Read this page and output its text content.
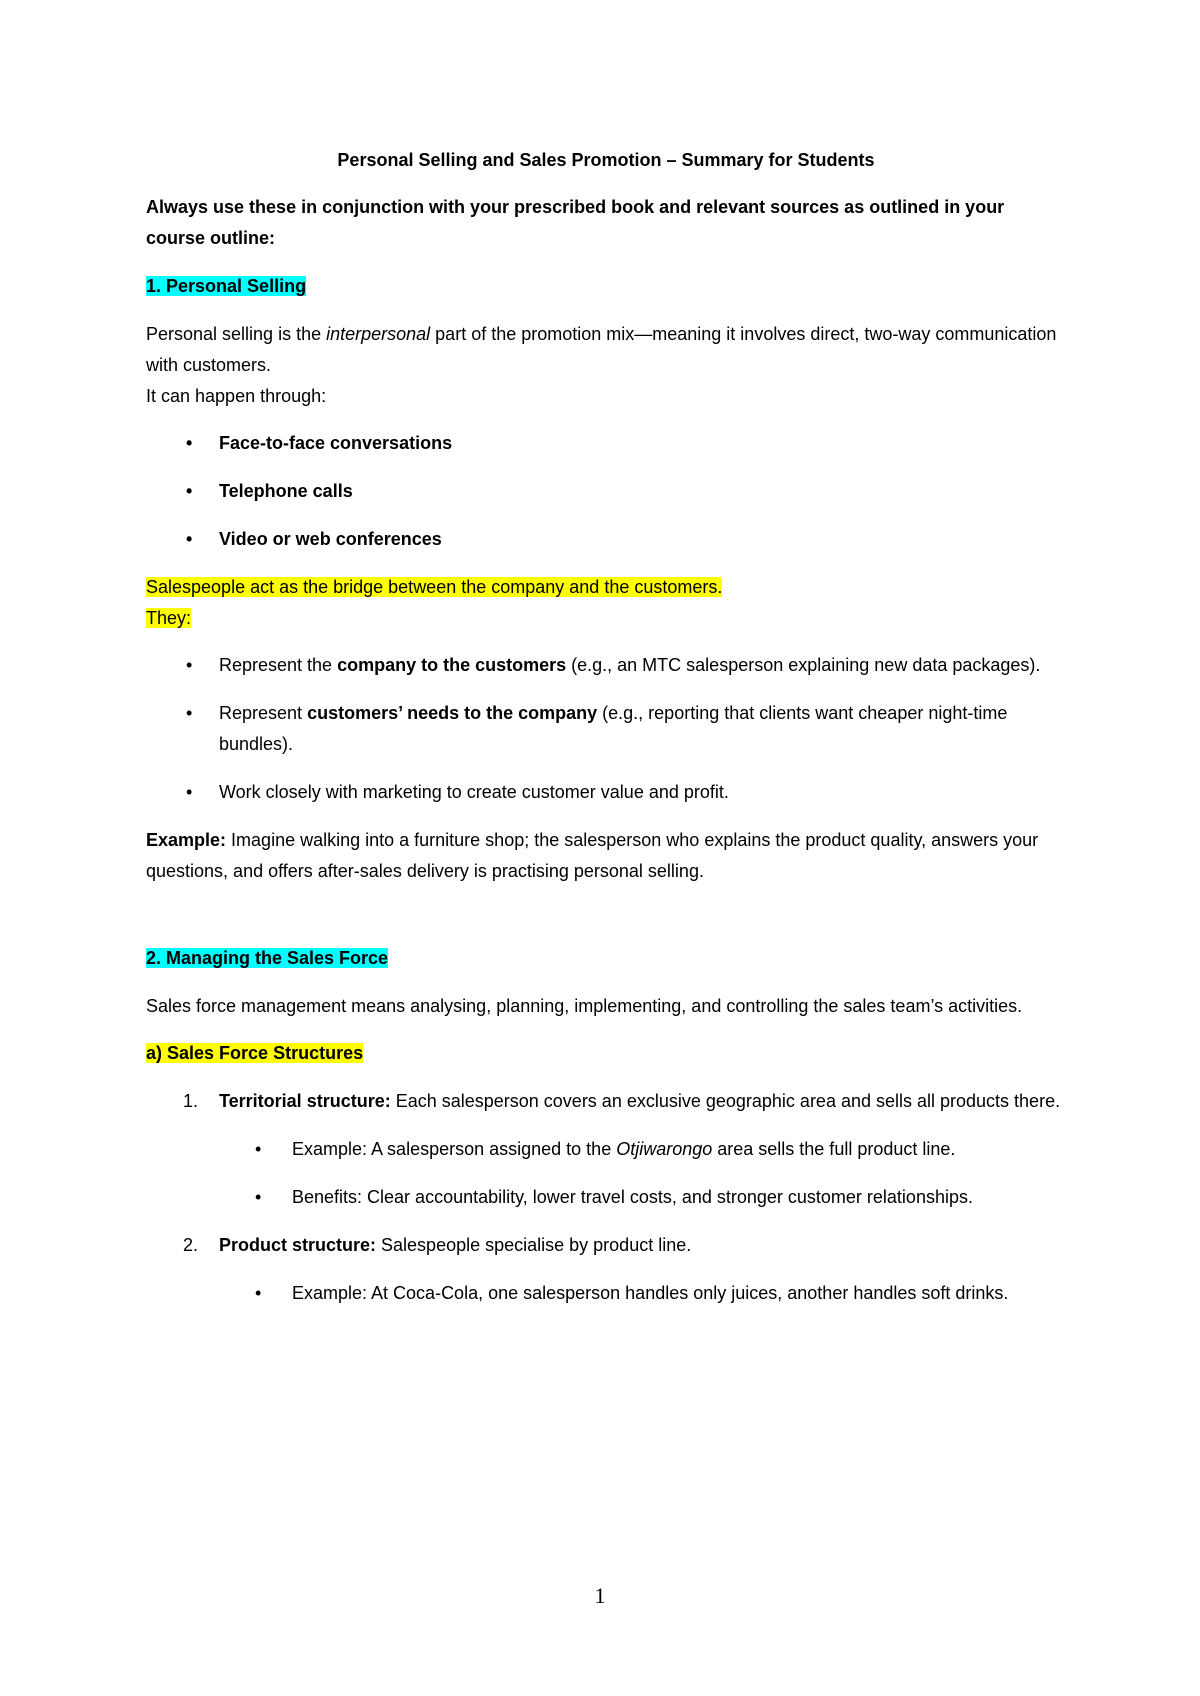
Personal Selling and Sales Promotion – Summary for Students

Always use these in conjunction with your prescribed book and relevant sources as outlined in your course outline:

1. Personal Selling

Personal selling is the interpersonal part of the promotion mix—meaning it involves direct, two-way communication with customers.

It can happen through:

• Face-to-face conversations
• Telephone calls
• Video or web conferences

Salespeople act as the bridge between the company and the customers.

They:

• Represent the company to the customers (e.g., an MTC salesperson explaining new data packages).
• Represent customers’ needs to the company (e.g., reporting that clients want cheaper night-time bundles).
• Work closely with marketing to create customer value and profit.

Example: Imagine walking into a furniture shop; the salesperson who explains the product quality, answers your questions, and offers after-sales delivery is practising personal selling.

2. Managing the Sales Force

Sales force management means analysing, planning, implementing, and controlling the sales team’s activities.

a) Sales Force Structures

1. Territorial structure: Each salesperson covers an exclusive geographic area and sells all products there.
• Example: A salesperson assigned to the Otjiwarongo area sells the full product line.
• Benefits: Clear accountability, lower travel costs, and stronger customer relationships.
2. Product structure: Salespeople specialise by product line.
• Example: At Coca-Cola, one salesperson handles only juices, another handles soft drinks.
1
